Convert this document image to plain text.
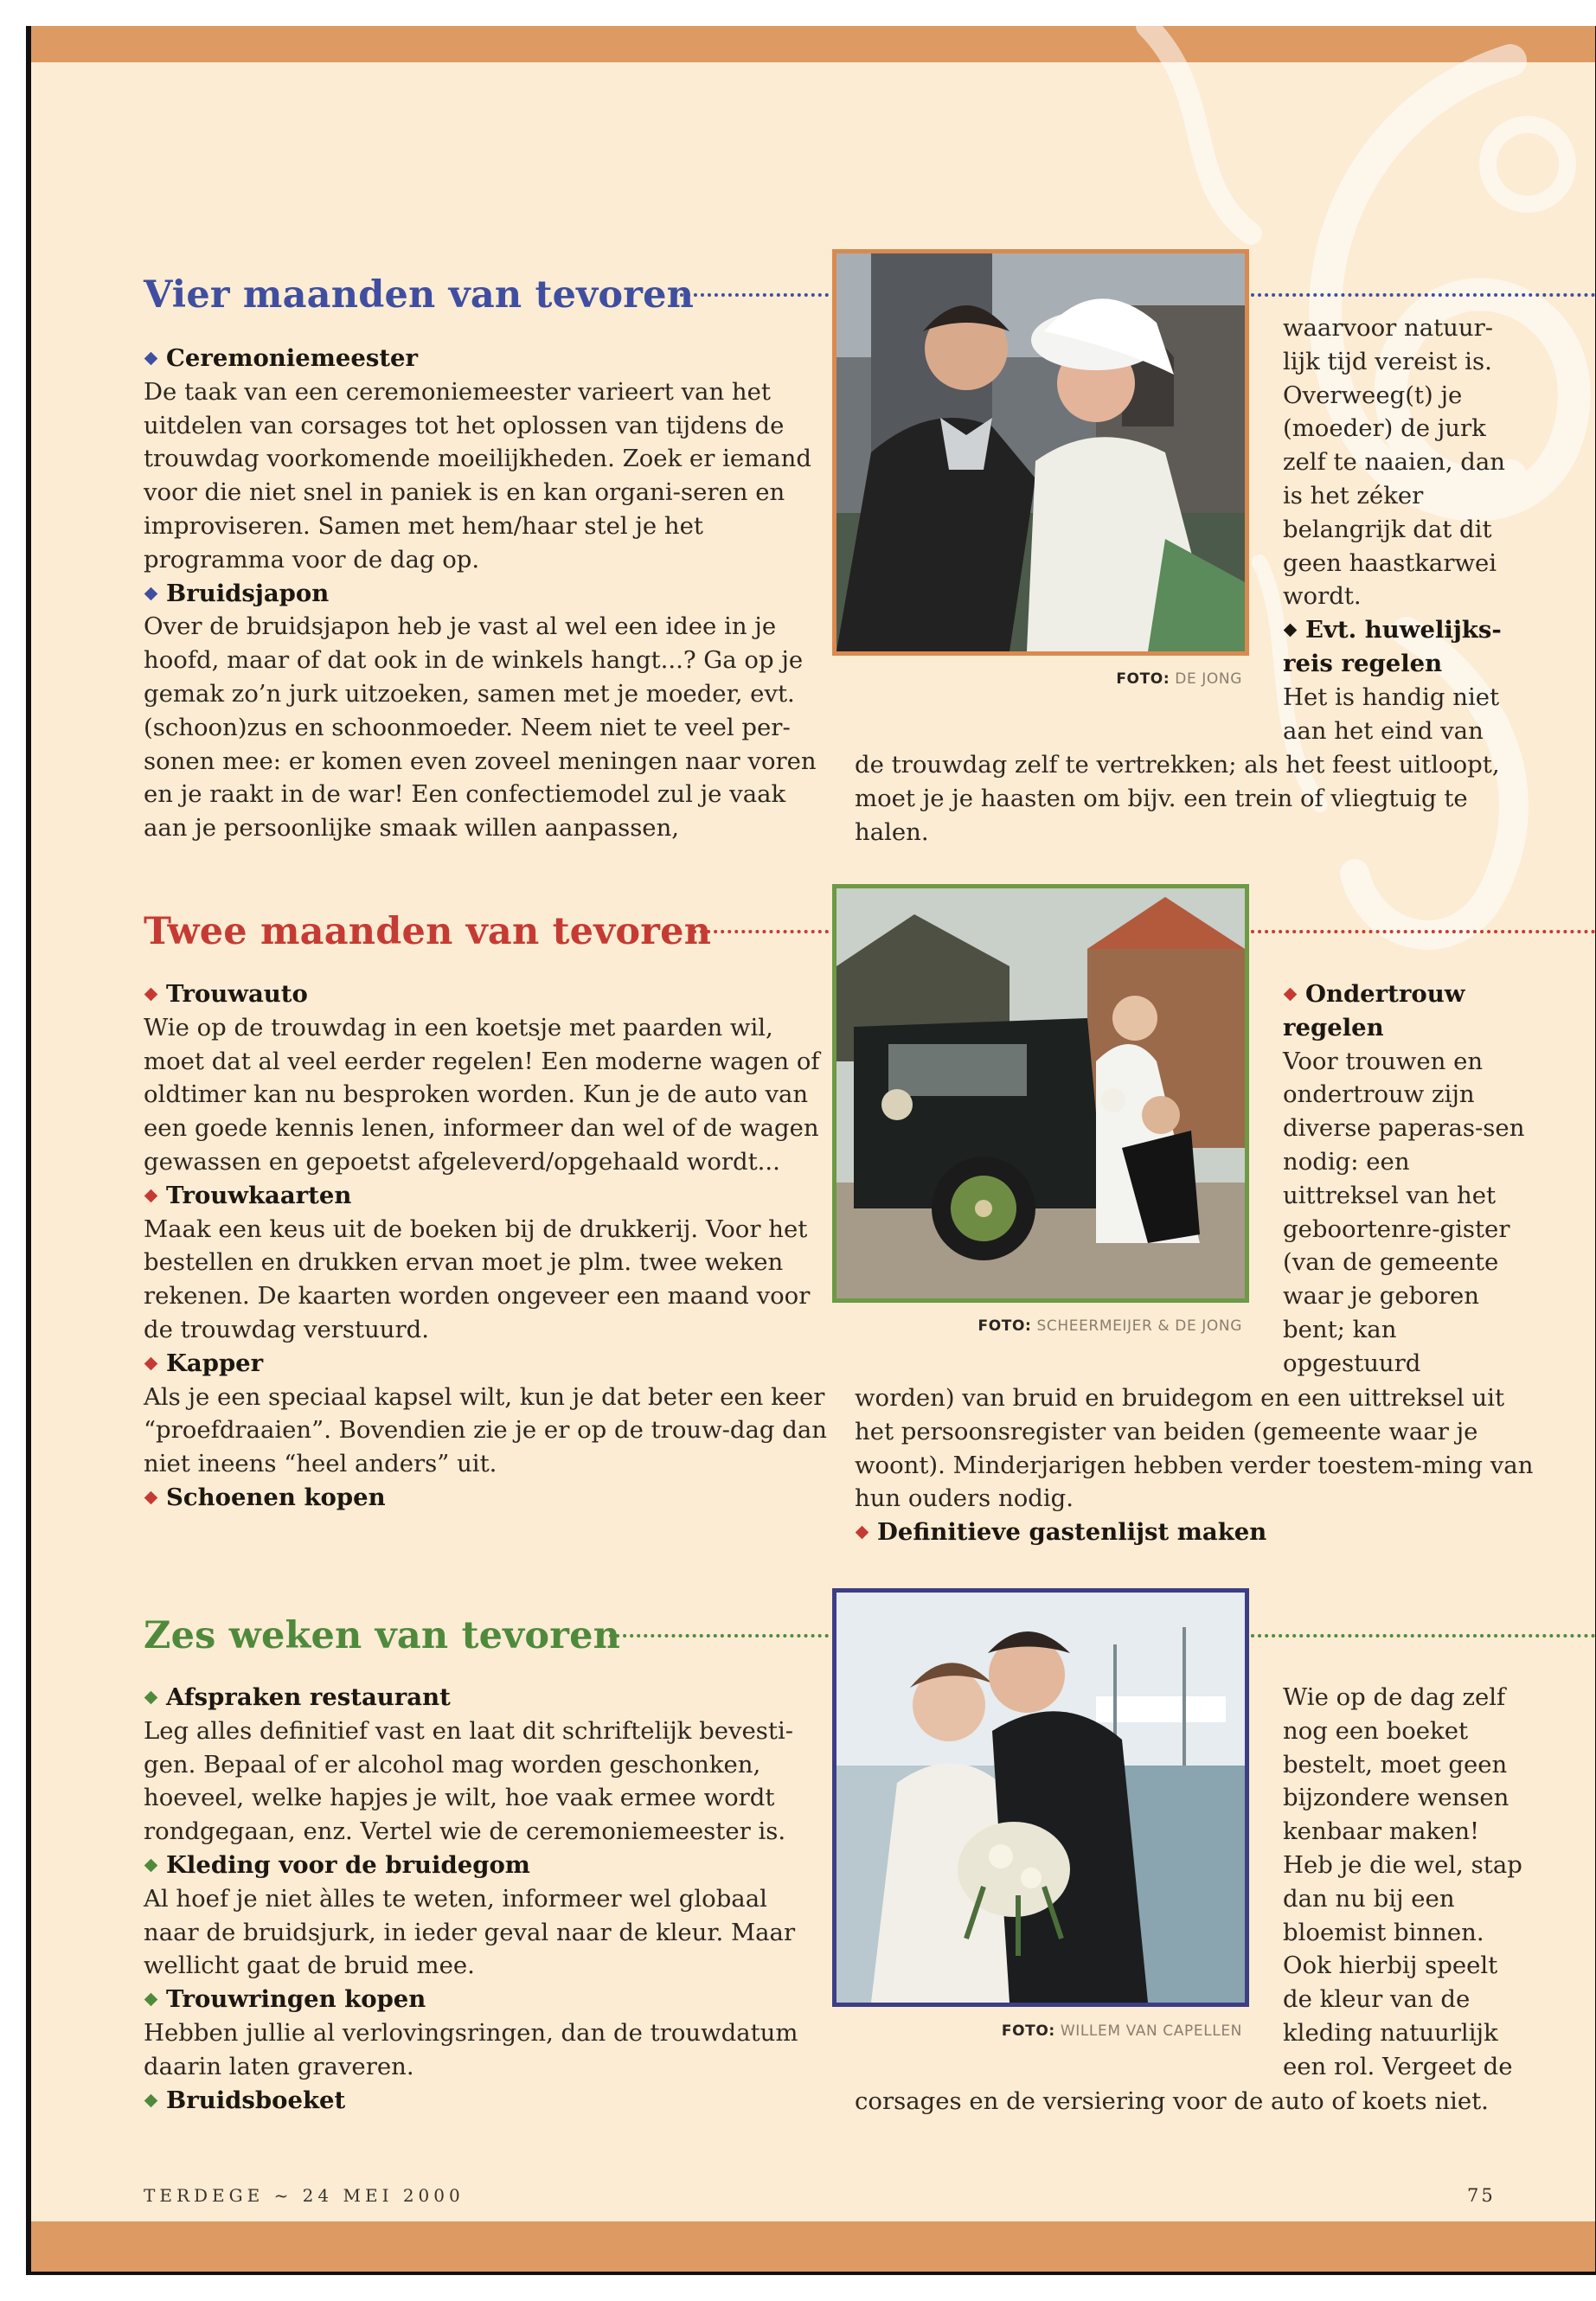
Vier maanden van tevoren
Ceremoniemeester

De taak van een ceremoniemeester varieert van het uitdelen van corsages tot het oplossen van tijdens de trouwdag voorkomende moeilijkheden. Zoek er iemand voor die niet snel in paniek is en kan organi-seren en improviseren. Samen met hem/haar stel je het programma voor de dag op.

Bruidsjapon

Over de bruidsjapon heb je vast al wel een idee in je hoofd, maar of dat ook in de winkels hangt...? Ga op je gemak zo’n jurk uitzoeken, samen met je moeder, evt. (schoon)zus en schoonmoeder. Neem niet te veel per-sonen mee: er komen even zoveel meningen naar voren en je raakt in de war! Een confectiemodel zul je vaak aan je persoonlijke smaak willen aanpassen,

FOTO: DE JONG

waarvoor natuur-lijk tijd vereist is. Overweeg(t) je (moeder) de jurk zelf te naaien, dan is het zéker belangrijk dat dit geen haastkarwei wordt.

Evt. huwelijks-reis regelen

Het is handig niet aan het eind van

de trouwdag zelf te vertrekken; als het feest uitloopt, moet je je haasten om bijv. een trein of vliegtuig te halen.

Twee maanden van tevoren
Trouwauto

Wie op de trouwdag in een koetsje met paarden wil, moet dat al veel eerder regelen! Een moderne wagen of oldtimer kan nu besproken worden. Kun je de auto van een goede kennis lenen, informeer dan wel of de wagen gewassen en gepoetst afgeleverd/opgehaald wordt...

Trouwkaarten

Maak een keus uit de boeken bij de drukkerij. Voor het bestellen en drukken ervan moet je plm. twee weken rekenen. De kaarten worden ongeveer een maand voor de trouwdag verstuurd.

Kapper

Als je een speciaal kapsel wilt, kun je dat beter een keer “proefdraaien”. Bovendien zie je er op de trouw-dag dan niet ineens “heel anders” uit.

Schoenen kopen
FOTO: SCHEERMEIJER & DE JONG
Ondertrouw regelen

Voor trouwen en ondertrouw zijn diverse paperas-sen nodig: een uittreksel van het geboortenre-gister (van de gemeente waar je geboren bent; kan opgestuurd

worden) van bruid en bruidegom en een uittreksel uit het persoonsregister van beiden (gemeente waar je woont). Minderjarigen hebben verder toestem-ming van hun ouders nodig.

Definitieve gastenlijst maken
Zes weken van tevoren
Afspraken restaurant

Leg alles definitief vast en laat dit schriftelijk bevesti-gen. Bepaal of er alcohol mag worden geschonken, hoeveel, welke hapjes je wilt, hoe vaak ermee wordt rondgegaan, enz. Vertel wie de ceremoniemeester is.

Kleding voor de bruidegom

Al hoef je niet àlles te weten, informeer wel globaal naar de bruidsjurk, in ieder geval naar de kleur. Maar wellicht gaat de bruid mee.

Trouwringen kopen

Hebben jullie al verlovingsringen, dan de trouwdatum daarin laten graveren.

Bruidsboeket
FOTO: WILLEM VAN CAPELLEN

Wie op de dag zelf nog een boeket bestelt, moet geen bijzondere wensen kenbaar maken! Heb je die wel, stap dan nu bij een bloemist binnen. Ook hierbij speelt de kleur van de kleding natuurlijk een rol. Vergeet de

corsages en de versiering voor de auto of koets niet.

TERDEGE ~ 24 MEI 2000	75
